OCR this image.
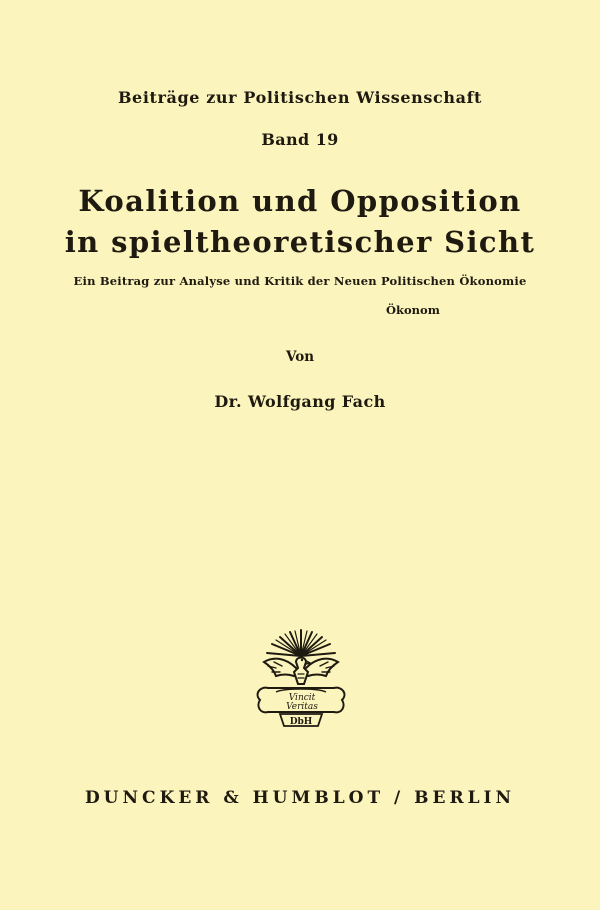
Beiträge zur Politischen Wissenschaft
Band 19
Koalition und Opposition
in spieltheoretischer Sicht
Ein Beitrag zur Analyse und Kritik der Neuen Politischen Ökonomie
Ökonom
Von
Dr. Wolfgang Fach
Vincit
Veritas
DbH
DUNCKER & HUMBLOT / BERLIN
